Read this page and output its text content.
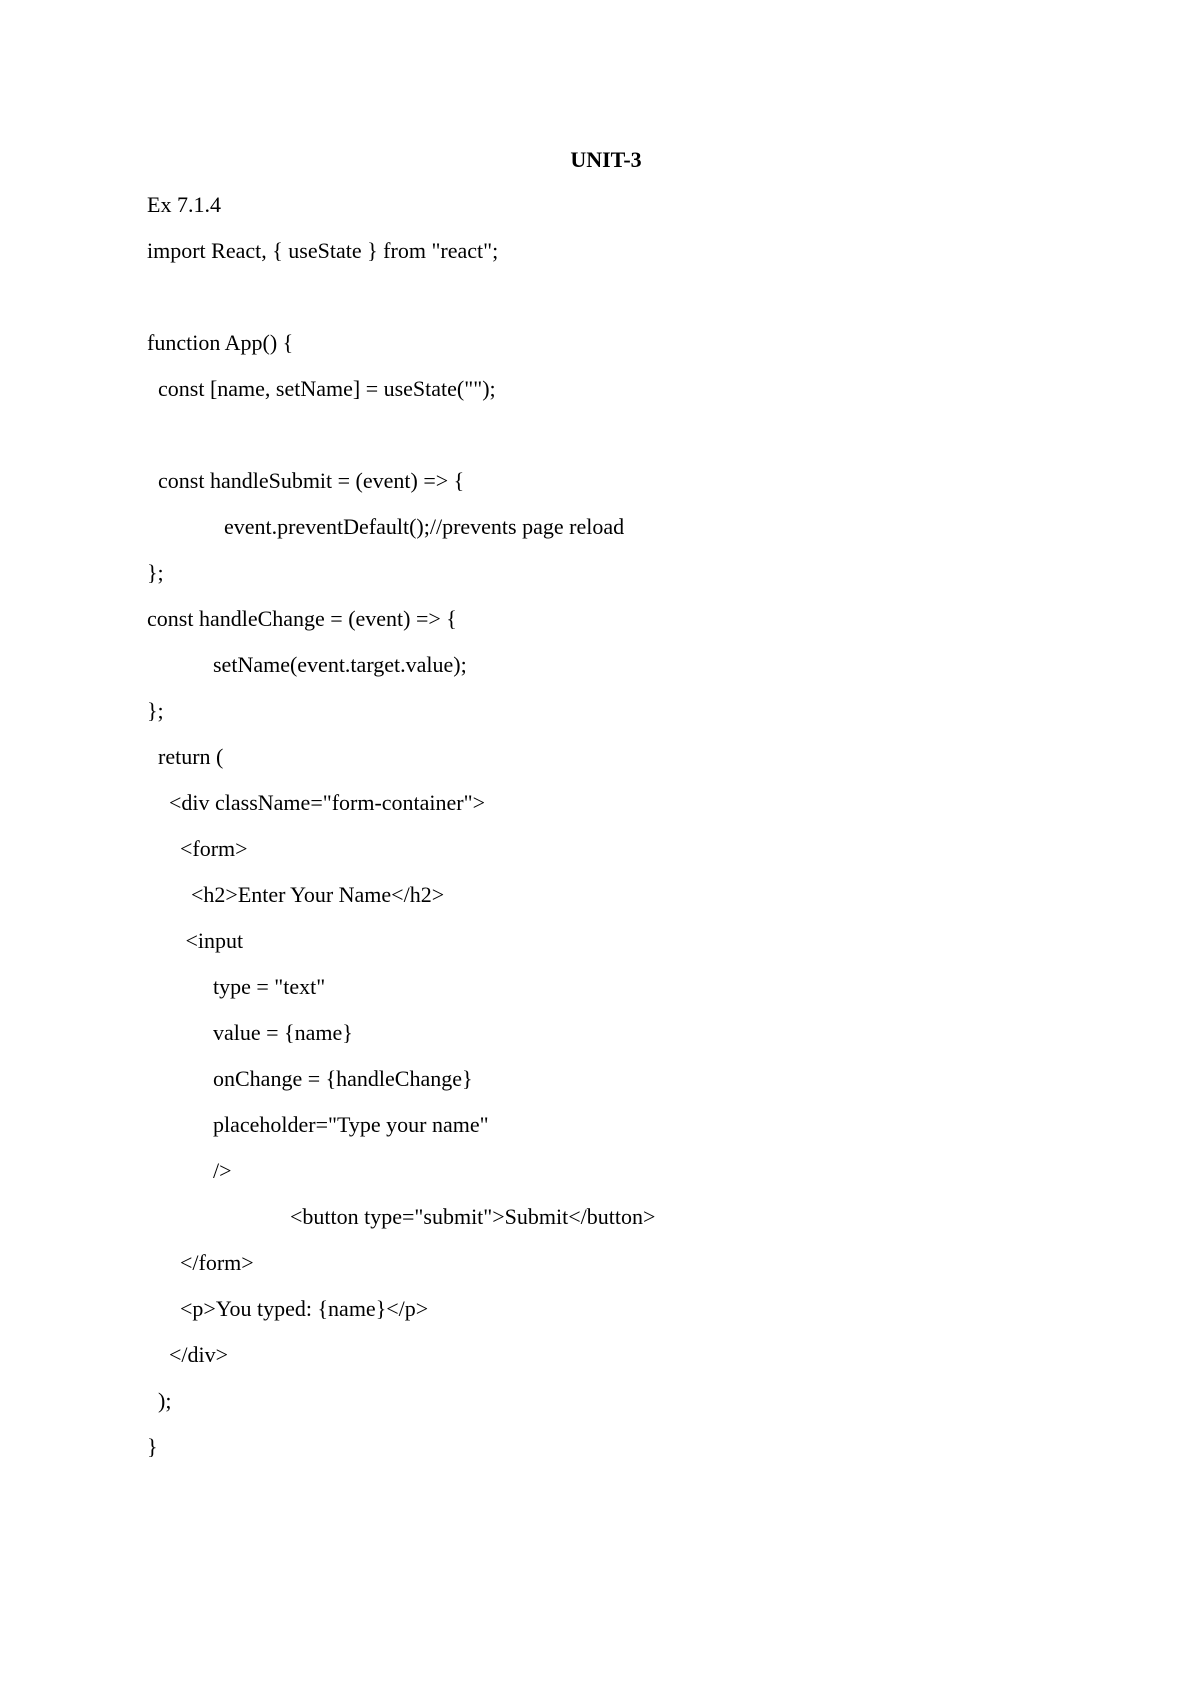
UNIT-3
Ex 7.1.4
import React, { useState } from "react";
function App() {
const [name, setName] = useState("");
const handleSubmit = (event) => {
event.preventDefault();//prevents page reload
};
const handleChange = (event) => {
setName(event.target.value);
};
return (
<div className="form-container">
<form>
<h2>Enter Your Name</h2>
<input
type = "text"
value = {name}
onChange = {handleChange}
placeholder="Type your name"
/>
<button type="submit">Submit</button>
</form>
<p>You typed: {name}</p>
</div>
);
}
